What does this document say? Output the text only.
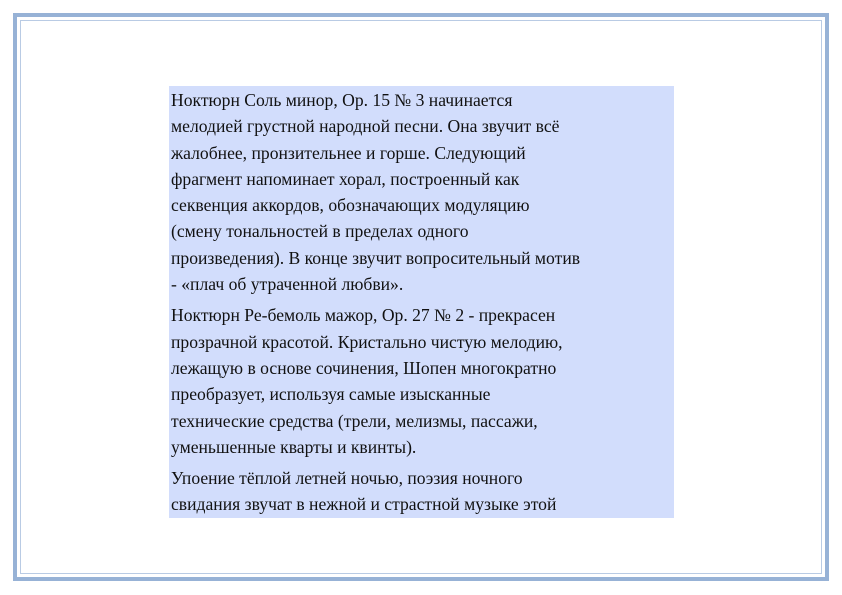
Ноктюрн Соль минор, Ор. 15 № 3 начинается
мелодией грустной народной песни. Она звучит всё
жалобнее, пронзительнее и горше. Следующий
фрагмент напоминает хорал, построенный как
секвенция аккордов, обозначающих модуляцию
(смену тональностей в пределах одного
произведения). В конце звучит вопросительный мотив
- «плач об утраченной любви».
Ноктюрн Ре-бемоль мажор, Ор. 27 № 2 - прекрасен
прозрачной красотой. Кристально чистую мелодию,
лежащую в основе сочинения, Шопен многократно
преобразует, используя самые изысканные
технические средства (трели, мелизмы, пассажи,
уменьшенные кварты и квинты).
Упоение тёплой летней ночью, поэзия ночного
свидания звучат в нежной и страстной музыке этой
